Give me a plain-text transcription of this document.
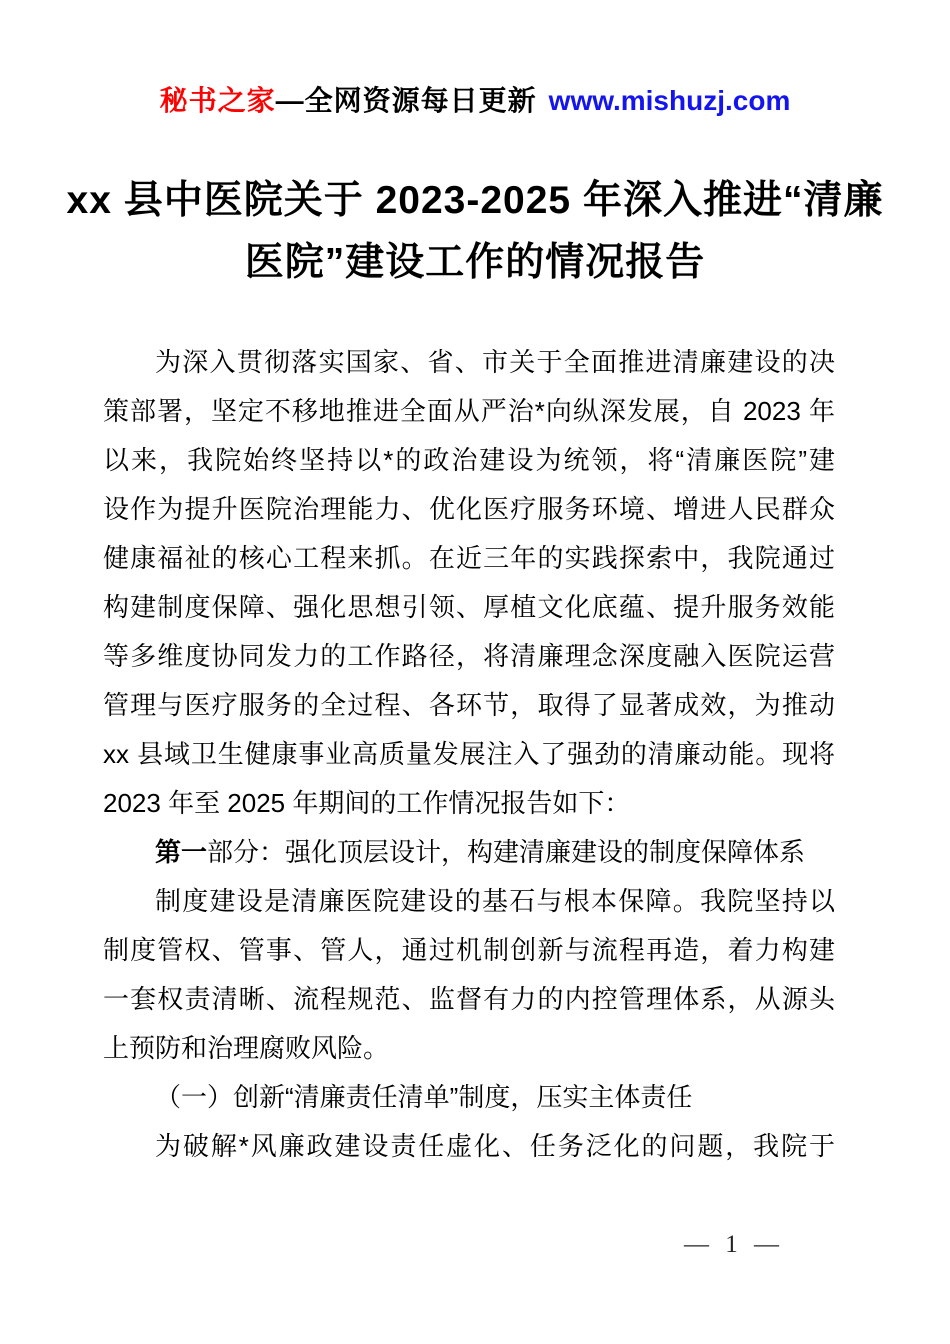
秘书之家—全网资源每日更新 www.mishuzj.com
xx 县中医院关于 2023-2025 年深入推进“清廉
医院”建设工作的情况报告
为深入贯彻落实国家、省、市关于全面推进清廉建设的决
策部署，坚定不移地推进全面从严治*向纵深发展，自 2023 年
以来，我院始终坚持以*的政治建设为统领，将“清廉医院”建
设作为提升医院治理能力、优化医疗服务环境、增进人民群众
健康福祉的核心工程来抓。在近三年的实践探索中，我院通过
构建制度保障、强化思想引领、厚植文化底蕴、提升服务效能
等多维度协同发力的工作路径，将清廉理念深度融入医院运营
管理与医疗服务的全过程、各环节，取得了显著成效，为推动
xx 县域卫生健康事业高质量发展注入了强劲的清廉动能。现将
2023 年至 2025 年期间的工作情况报告如下：
第一部分：强化顶层设计，构建清廉建设的制度保障体系
制度建设是清廉医院建设的基石与根本保障。我院坚持以
制度管权、管事、管人，通过机制创新与流程再造，着力构建
一套权责清晰、流程规范、监督有力的内控管理体系，从源头
上预防和治理腐败风险。
（一）创新“清廉责任清单”制度，压实主体责任
为破解*风廉政建设责任虚化、任务泛化的问题，我院于
— 1 —
